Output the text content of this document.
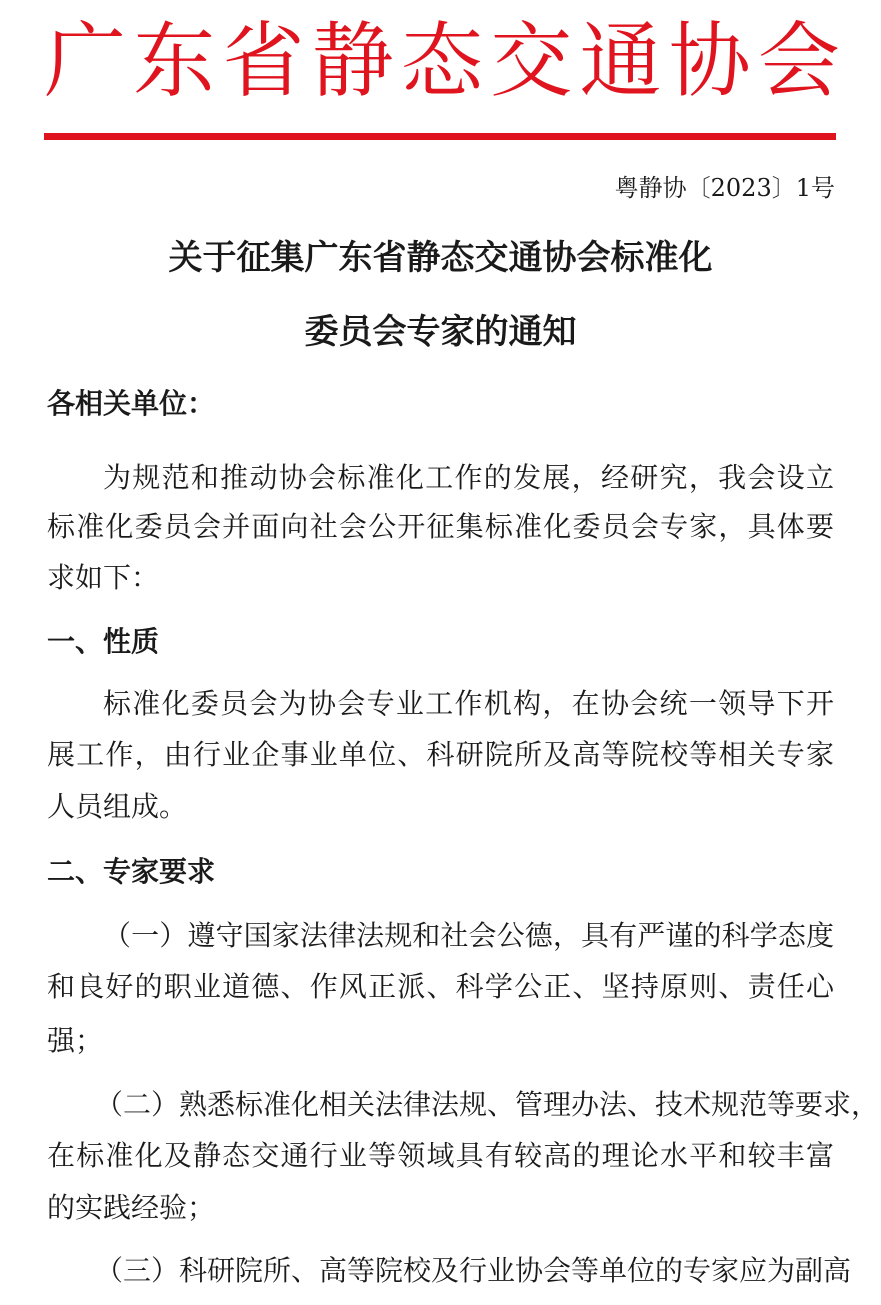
广东省静态交通协会
粤静协〔2023〕1号
关于征集广东省静态交通协会标准化
委员会专家的通知

各相关单位：

为规范和推动协会标准化工作的发展，经研究，我会设立

标准化委员会并面向社会公开征集标准化委员会专家，具体要

求如下：

一、性质

标准化委员会为协会专业工作机构，在协会统一领导下开

展工作，由行业企事业单位、科研院所及高等院校等相关专家

人员组成。

二、专家要求

（一）遵守国家法律法规和社会公德，具有严谨的科学态度

和良好的职业道德、作风正派、科学公正、坚持原则、责任心

强；

（二）熟悉标准化相关法律法规、管理办法、技术规范等要求，

在标准化及静态交通行业等领域具有较高的理论水平和较丰富

的实践经验；

（三）科研院所、高等院校及行业协会等单位的专家应为副高
